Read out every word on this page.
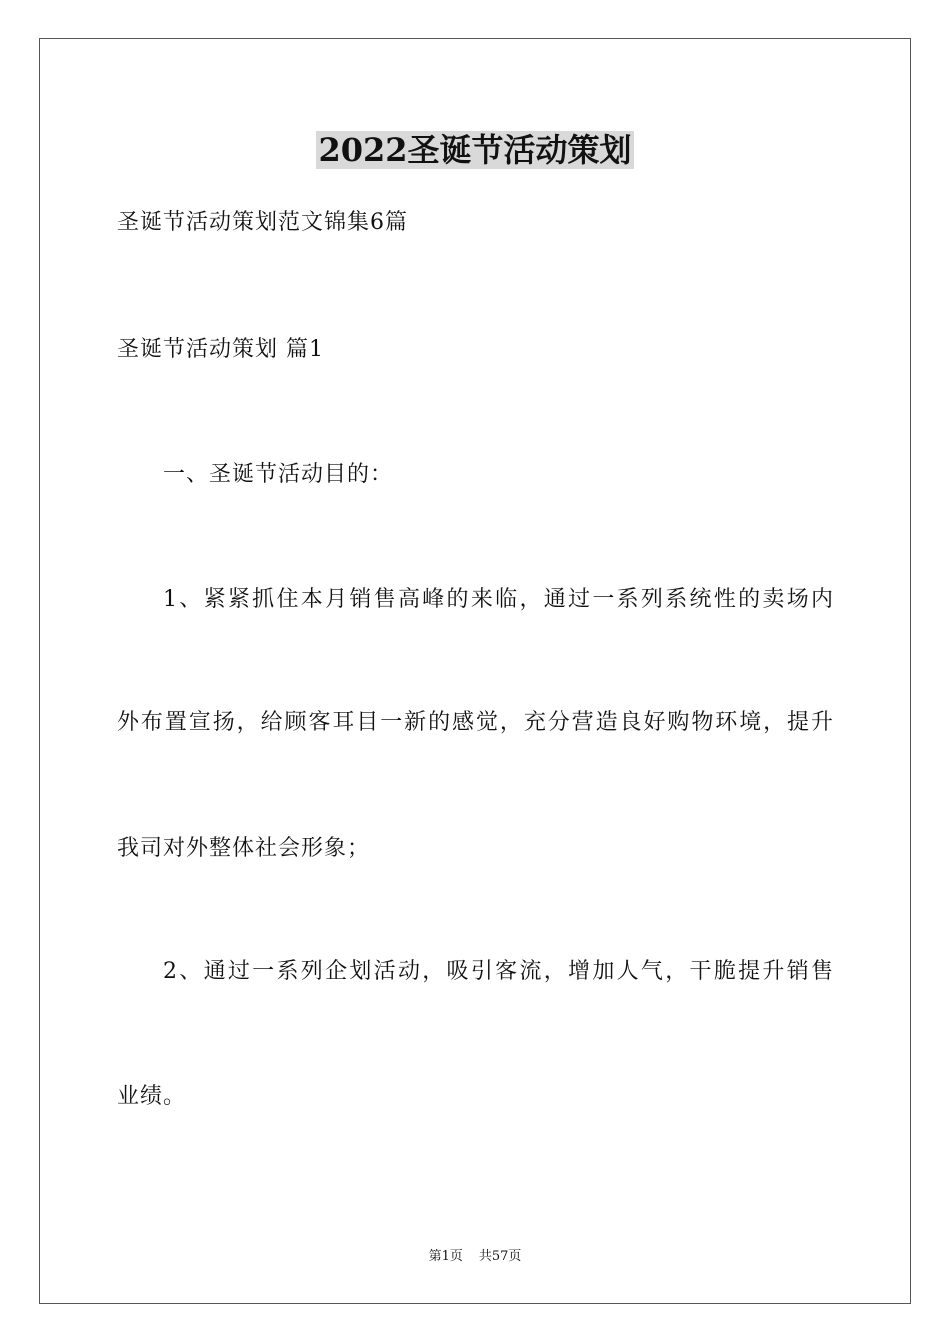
2022圣诞节活动策划
圣诞节活动策划范文锦集6篇
圣诞节活动策划 篇1
一、圣诞节活动目的：
1、紧紧抓住本月销售高峰的来临，通过一系列系统性的卖场内
外布置宣扬，给顾客耳目一新的感觉，充分营造良好购物环境，提升
我司对外整体社会形象；
2、通过一系列企划活动，吸引客流，增加人气，干脆提升销售
业绩。
第1页 共57页
